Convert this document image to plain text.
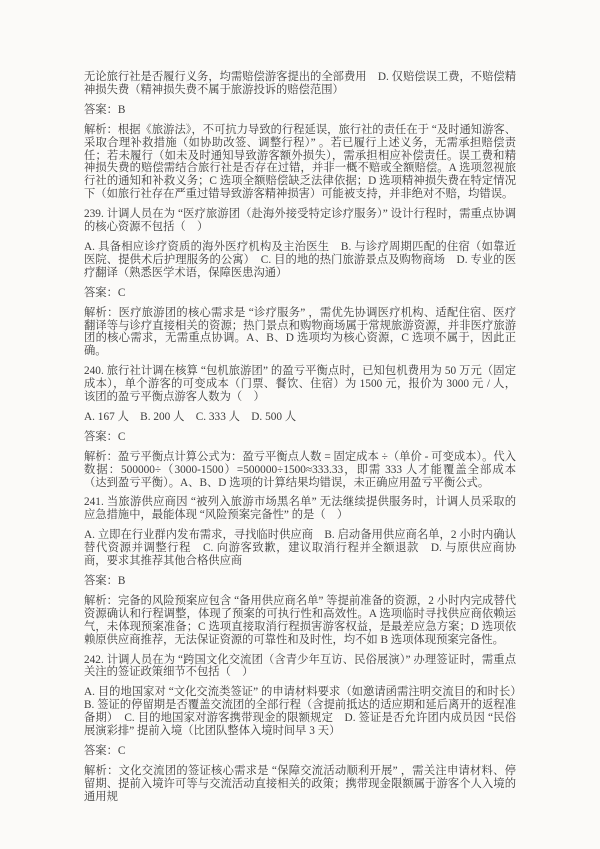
无论旅行社是否履行义务，均需赔偿游客提出的全部费用　D. 仅赔偿误工费，不赔偿精神损失费（精神损失费不属于旅游投诉的赔偿范围）

答案：B

解析：根据《旅游法》，不可抗力导致的行程延误，旅行社的责任在于 “及时通知游客、采取合理补救措施（如协助改签、调整行程）” 。若已履行上述义务，无需承担赔偿责任；若未履行（如未及时通知导致游客额外损失），需承担相应补偿责任。误工费和精神损失费的赔偿需结合旅行社是否存在过错，并非一概不赔或全额赔偿。A 选项忽视旅行社的通知和补救义务；C 选项全额赔偿缺乏法律依据；D 选项精神损失费在特定情况下（如旅行社存在严重过错导致游客精神损害）可能被支持，并非绝对不赔，均错误。

239. 计调人员在为 “医疗旅游团（赴海外接受特定诊疗服务）” 设计行程时，需重点协调的核心资源不包括（　）

A. 具备相应诊疗资质的海外医疗机构及主治医生　B. 与诊疗周期匹配的住宿（如靠近医院、提供术后护理服务的公寓）　C. 目的地的热门旅游景点及购物商场　D. 专业的医疗翻译（熟悉医学术语，保障医患沟通）

答案：C

解析：医疗旅游团的核心需求是 “诊疗服务” ，需优先协调医疗机构、适配住宿、医疗翻译等与诊疗直接相关的资源；热门景点和购物商场属于常规旅游资源，并非医疗旅游团的核心需求，无需重点协调。A、B、D 选项均为核心资源，C 选项不属于，因此正确。

240. 旅行社计调在核算 “包机旅游团” 的盈亏平衡点时，已知包机费用为 50 万元（固定成本），单个游客的可变成本（门票、餐饮、住宿）为 1500 元，报价为 3000 元 / 人，该团的盈亏平衡点游客人数为（　）

A. 167 人　B. 200 人　C. 333 人　D. 500 人

答案：C

解析：盈亏平衡点计算公式为：盈亏平衡点人数 = 固定成本 ÷（单价 - 可变成本）。代入数据：500000÷（3000-1500）=500000÷1500≈333.33，即需 333 人才能覆盖全部成本（达到盈亏平衡）。A、B、D 选项的计算结果均错误，未正确应用盈亏平衡公式。

241. 当旅游供应商因 “被列入旅游市场黑名单” 无法继续提供服务时，计调人员采取的应急措施中，最能体现 “风险预案完备性” 的是（　）

A. 立即在行业群内发布需求，寻找临时供应商　B. 启动备用供应商名单，2 小时内确认替代资源并调整行程　C. 向游客致歉，建议取消行程并全额退款　D. 与原供应商协商，要求其推荐其他合格供应商

答案：B

解析：完备的风险预案应包含 “备用供应商名单” 等提前准备的资源，2 小时内完成替代资源确认和行程调整，体现了预案的可执行性和高效性。A 选项临时寻找供应商依赖运气，未体现预案准备；C 选项直接取消行程损害游客权益，是最差应急方案；D 选项依赖原供应商推荐，无法保证资源的可靠性和及时性，均不如 B 选项体现预案完备性。

242. 计调人员在为 “跨国文化交流团（含青少年互访、民俗展演）” 办理签证时，需重点关注的签证政策细节不包括（　）

A. 目的地国家对 “文化交流类签证” 的申请材料要求（如邀请函需注明交流目的和时长）　B. 签证的停留期是否覆盖交流团的全部行程（含提前抵达的适应期和延后离开的返程准备期）　C. 目的地国家对游客携带现金的限额规定　D. 签证是否允许团内成员因 “民俗展演彩排” 提前入境（比团队整体入境时间早 3 天）

答案：C

解析：文化交流团的签证核心需求是 “保障交流活动顺利开展” ，需关注申请材料、停留期、提前入境许可等与交流活动直接相关的政策；携带现金限额属于游客个人入境的通用规
